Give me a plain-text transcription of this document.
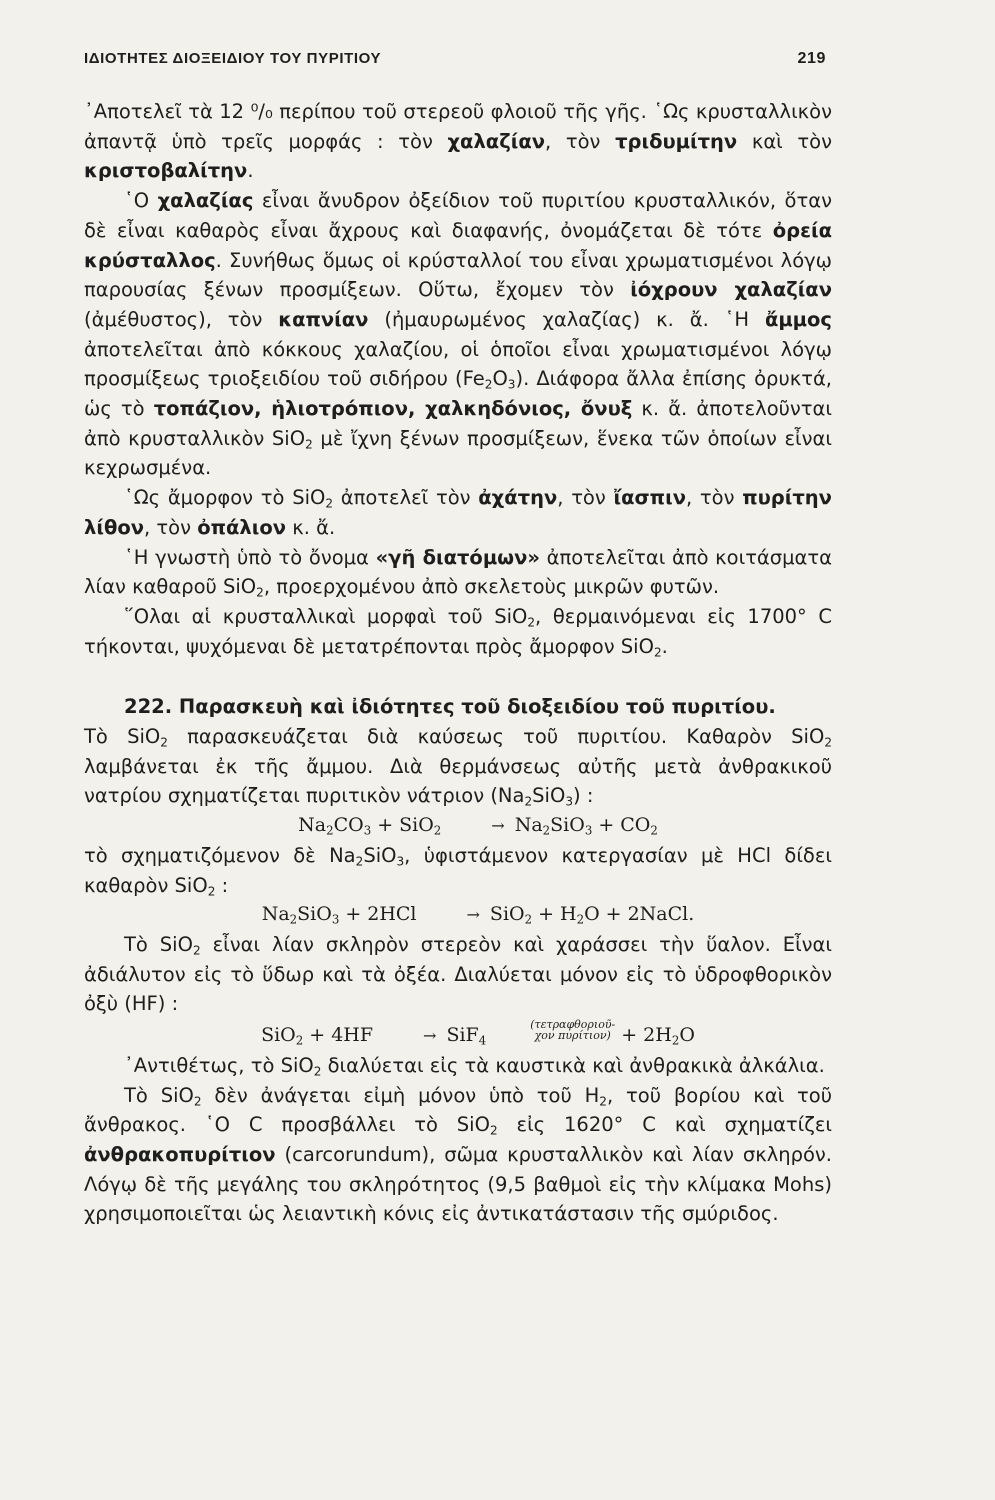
ΙΔΙΟΤΗΤΕΣ ΔΙΟΞΕΙΔΙΟΥ ΤΟΥ ΠΥΡΙΤΙΟΥ	219

᾿Αποτελεῖ τὰ 12 ⁰/₀ περίπου τοῦ στερεοῦ φλοιοῦ τῆς γῆς. ῾Ως κρυσταλλικὸν ἀπαντᾷ ὑπὸ τρεῖς μορφάς : τὸν χαλαζίαν, τὸν τριδυμίτην καὶ τὸν κριστοβαλίτην.

῾Ο χαλαζίας εἶναι ἄνυδρον ὀξείδιον τοῦ πυριτίου κρυσταλλικόν, ὅταν δὲ εἶναι καθαρὸς εἶναι ἄχρους καὶ διαφανής, ὀνομάζεται δὲ τότε ὀρεία κρύσταλλος. Συνήθως ὅμως οἱ κρύσταλλοί του εἶναι χρωματισμένοι λόγῳ παρουσίας ξένων προσμίξεων. Οὕτω, ἔχομεν τὸν ἰόχρουν χαλαζίαν (ἀμέθυστος), τὸν καπνίαν (ἠμαυρωμένος χαλαζίας) κ. ἄ. ῾Η ἄμμος ἀποτελεῖται ἀπὸ κόκκους χαλαζίου, οἱ ὁποῖοι εἶναι χρωματισμένοι λόγῳ προσμίξεως τριοξειδίου τοῦ σιδήρου $(Fe_2O_3)$. Διάφορα ἄλλα ἐπίσης ὀρυκτά, ὡς τὸ τοπάζιον, ἡλιοτρόπιον, χαλκηδόνιος, ὄνυξ κ. ἄ. ἀποτελοῦνται ἀπὸ κρυσταλλικὸν SiO$_2$ μὲ ἴχνη ξένων προσμίξεων, ἕνεκα τῶν ὁποίων εἶναι κεχρωσμένα.

῾Ως ἄμορφον τὸ SiO$_2$ ἀποτελεῖ τὸν ἀχάτην, τὸν ἴασπιν, τὸν πυρίτην λίθον, τὸν ὀπάλιον κ. ἄ.

῾Η γνωστὴ ὑπὸ τὸ ὄνομα «γῆ διατόμων» ἀποτελεῖται ἀπὸ κοιτάσματα λίαν καθαροῦ SiO$_2$, προερχομένου ἀπὸ σκελετοὺς μικρῶν φυτῶν.

῞Ολαι αἱ κρυσταλλικαὶ μορφαὶ τοῦ SiO$_2$, θερμαινόμεναι εἰς 1700° C τήκονται, ψυχόμεναι δὲ μετατρέπονται πρὸς ἄμορφον SiO$_2$.

222. Παρασκευὴ καὶ ἰδιότητες τοῦ διοξειδίου τοῦ πυριτίου.

Τὸ SiO$_2$ παρασκευάζεται διὰ καύσεως τοῦ πυριτίου. Καθαρὸν SiO$_2$ λαμβάνεται ἐκ τῆς ἄμμου. Διὰ θερμάνσεως αὐτῆς μετὰ ἀνθρακικοῦ νατρίου σχηματίζεται πυριτικὸν νάτριον $(Na_2SiO_3)$ :

$Na_2CO_3 + SiO_2$	→ $Na_2SiO_3 + CO_2$

τὸ σχηματιζόμενον δὲ $Na_2SiO_3$, ὑφιστάμενον κατεργασίαν μὲ HCl δίδει καθαρὸν SiO$_2$ :

$Na_2SiO_3 + 2HCl$	→ $SiO_2 + H_2O$ + 2NaCl.

Τὸ SiO$_2$ εἶναι λίαν σκληρὸν στερεὸν καὶ χαράσσει τὴν ὕαλον. Εἶναι ἀδιάλυτον εἰς τὸ ὕδωρ καὶ τὰ ὀξέα. Διαλύεται μόνον εἰς τὸ ὑδροφθορικὸν ὀξὺ (HF) :

SiO$_2$ + 4HF	→ SiF$_4$
(τετραφθοριοῦ-
χον $\pi\upsilon\rho ί\tau\iota o\nu) + 2H_2O$

᾿Αντιθέτως, τὸ SiO$_2$ διαλύεται εἰς τὰ καυστικὰ καὶ ἀνθρακικὰ ἀλκάλια.

Τὸ SiO$_2$ δὲν ἀνάγεται εἰμὴ μόνον ὑπὸ τοῦ $H_2$, τοῦ βορίου καὶ τοῦ ἄνθρακος. ῾Ο C προσβάλλει τὸ SiO$_2$ εἰς 1620° C καὶ σχηματίζει ἀνθρακοπυρίτιον (carcorundum), σῶμα κρυσταλλικὸν καὶ λίαν σκληρόν. Λόγῳ δὲ τῆς μεγάλης του σκληρότητος (9,5 βαθμοὶ εἰς τὴν κλίμακα Mohs) χρησιμοποιεῖται ὡς λειαντικὴ κόνις εἰς ἀντικατάστασιν τῆς σμύριδος.
